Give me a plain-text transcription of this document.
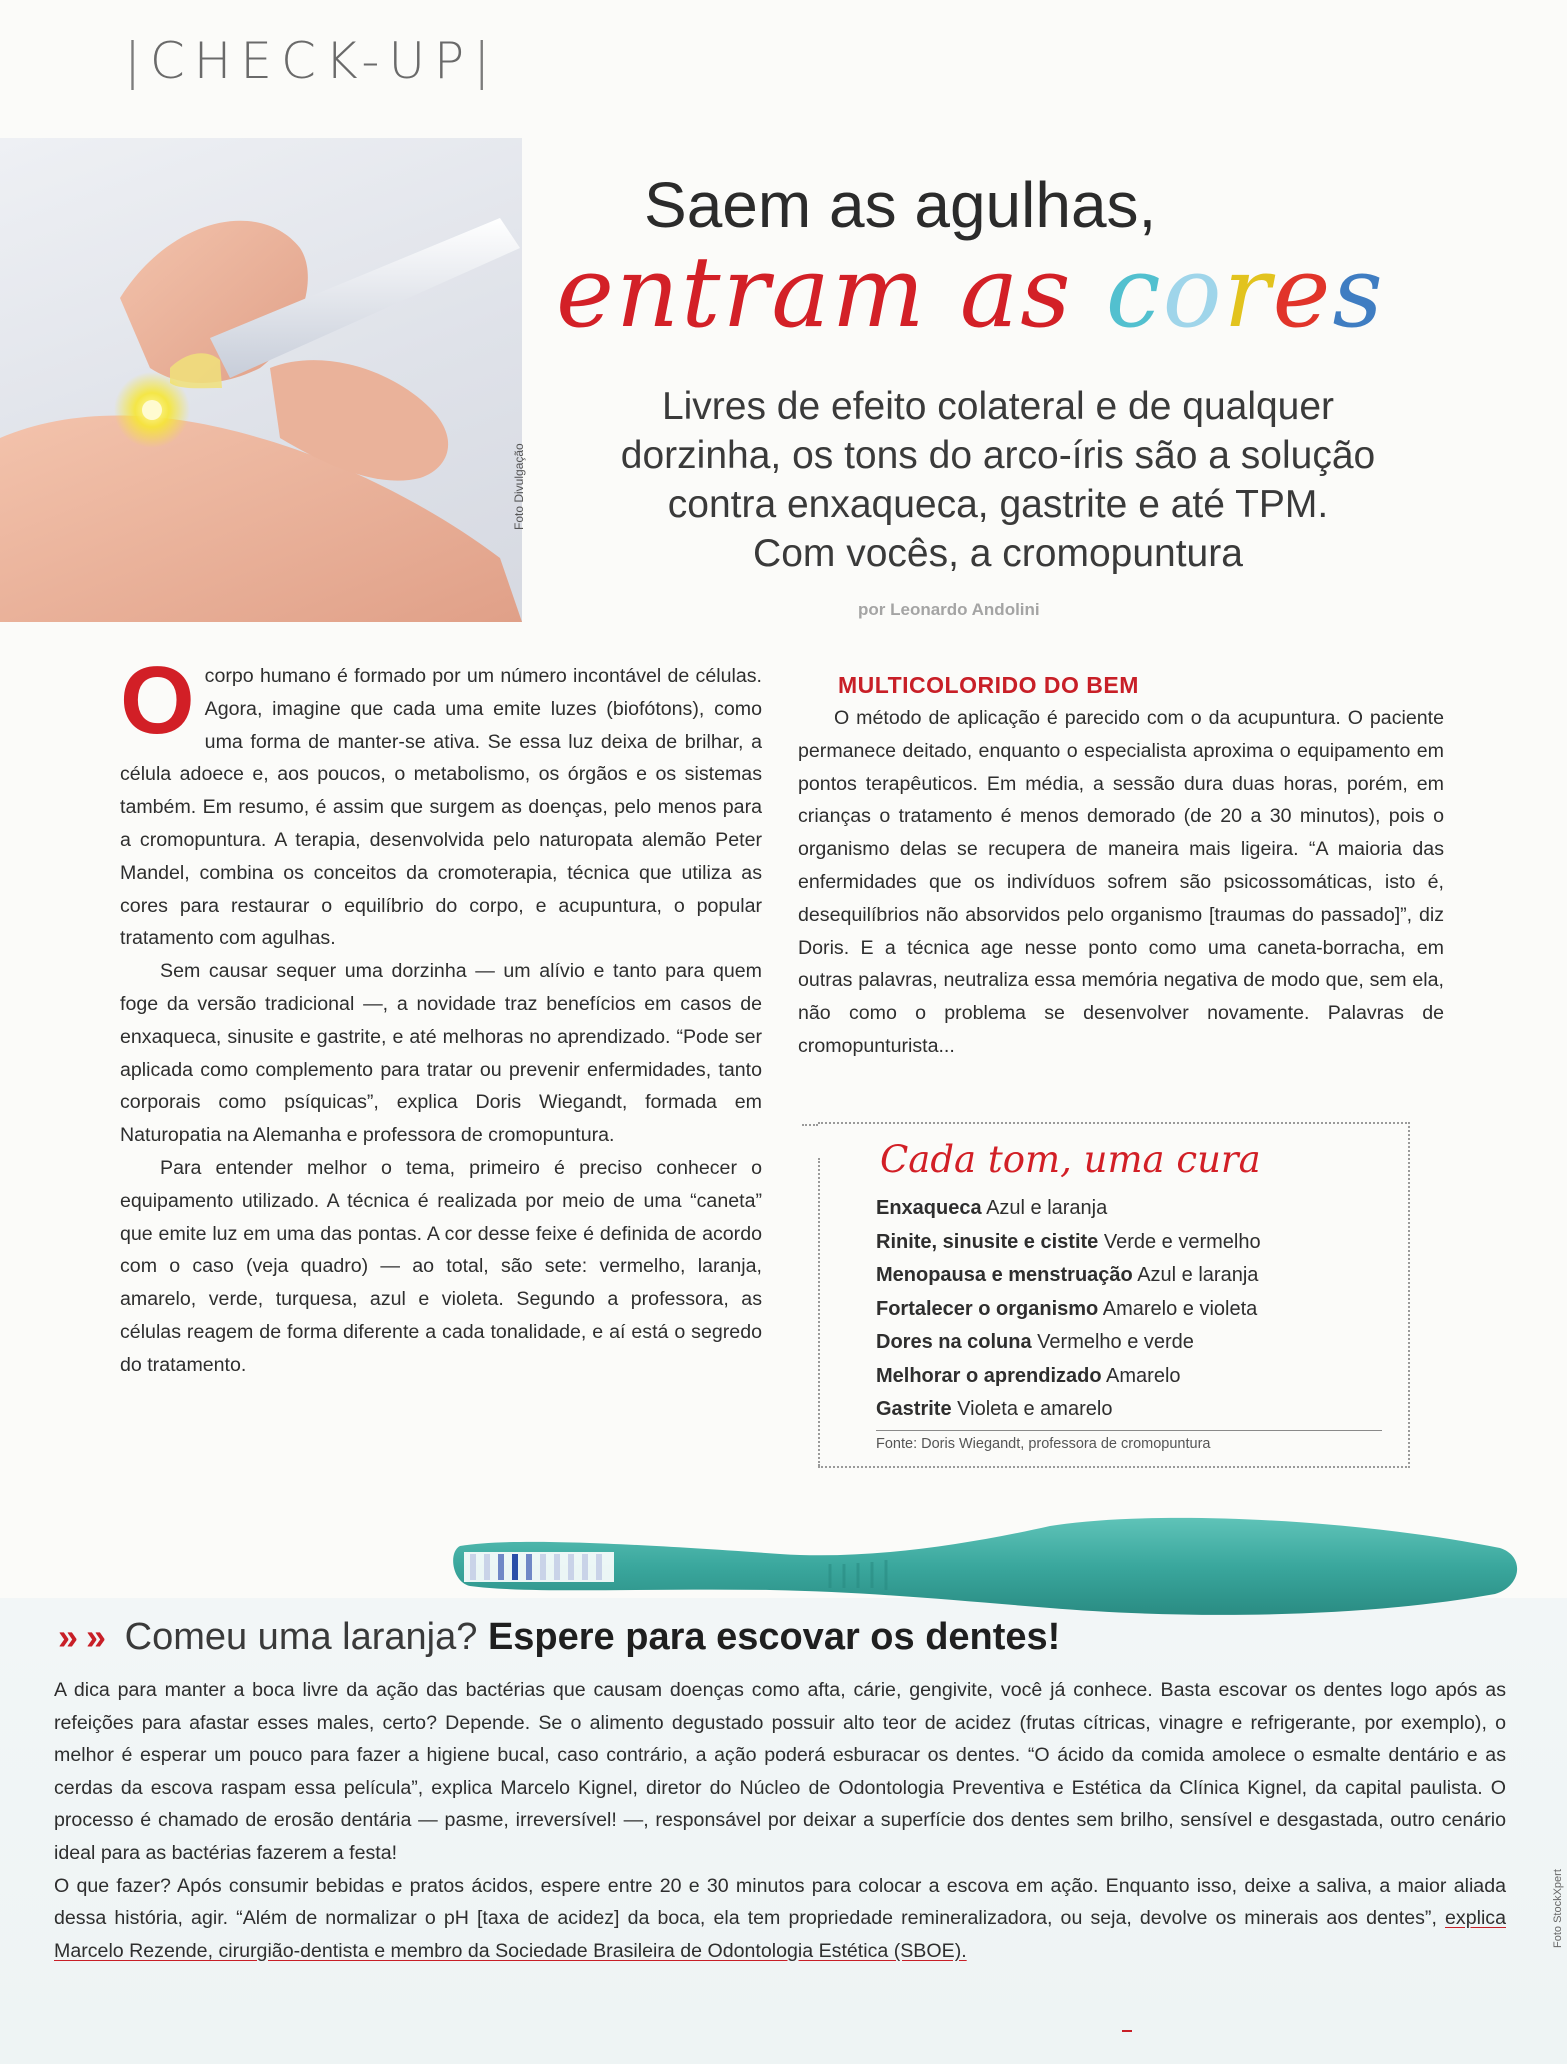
|CHECK-UP|
Foto Divulgação
Saem as agulhas,
entram as cores
Livres de efeito colateral e de qualquer
dorzinha, os tons do arco-íris são a solução
contra enxaqueca, gastrite e até TPM.
Com vocês, a cromopuntura
por Leonardo Andolini

Ocorpo humano é formado por um número incontável de células. Agora, imagine que cada uma emite luzes (biofótons), como uma forma de manter-se ativa. Se essa luz deixa de brilhar, a célula adoece e, aos poucos, o metabolismo, os órgãos e os sistemas também. Em resumo, é assim que surgem as doenças, pelo menos para a cromopuntura. A terapia, desenvolvida pelo naturopata alemão Peter Mandel, combina os conceitos da cromoterapia, técnica que utiliza as cores para restaurar o equilíbrio do corpo, e acupuntura, o popular tratamento com agulhas.

Sem causar sequer uma dorzinha — um alívio e tanto para quem foge da versão tradicional —, a novidade traz benefícios em casos de enxaqueca, sinusite e gastrite, e até melhoras no aprendizado. “Pode ser aplicada como complemento para tratar ou prevenir enfermidades, tanto corporais como psíquicas”, explica Doris Wiegandt, formada em Naturopatia na Alemanha e professora de cromopuntura.

Para entender melhor o tema, primeiro é preciso conhecer o equipamento utilizado. A técnica é realizada por meio de uma “caneta” que emite luz em uma das pontas. A cor desse feixe é definida de acordo com o caso (veja quadro) — ao total, são sete: vermelho, laranja, amarelo, verde, turquesa, azul e violeta. Segundo a professora, as células reagem de forma diferente a cada tonalidade, e aí está o segredo do tratamento.

MULTICOLORIDO DO BEM

O método de aplicação é parecido com o da acupuntura. O paciente permanece deitado, enquanto o especialista aproxima o equipamento em pontos terapêuticos. Em média, a sessão dura duas horas, porém, em crianças o tratamento é menos demorado (de 20 a 30 minutos), pois o organismo delas se recupera de maneira mais ligeira. “A maioria das enfermidades que os indivíduos sofrem são psicossomáticas, isto é, desequilíbrios não absorvidos pelo organismo [traumas do passado]”, diz Doris. E a técnica age nesse ponto como uma caneta-borracha, em outras palavras, neutraliza essa memória negativa de modo que, sem ela, não como o problema se desenvolver novamente. Palavras de cromopunturista...

Cada tom, uma cura
Enxaqueca Azul e laranja
Rinite, sinusite e cistite Verde e vermelho
Menopausa e menstruação Azul e laranja
Fortalecer o organismo Amarelo e violeta
Dores na coluna Vermelho e verde
Melhorar o aprendizado Amarelo
Gastrite Violeta e amarelo
Fonte: Doris Wiegandt, professora de cromopuntura
» » Comeu uma laranja? Espere para escovar os dentes!

A dica para manter a boca livre da ação das bactérias que causam doenças como afta, cárie, gengivite, você já conhece. Basta escovar os dentes logo após as refeições para afastar esses males, certo? Depende. Se o alimento degustado possuir alto teor de acidez (frutas cítricas, vinagre e refrigerante, por exemplo), o melhor é esperar um pouco para fazer a higiene bucal, caso contrário, a ação poderá esburacar os dentes. “O ácido da comida amolece o esmalte dentário e as cerdas da escova raspam essa película”, explica Marcelo Kignel, diretor do Núcleo de Odontologia Preventiva e Estética da Clínica Kignel, da capital paulista. O processo é chamado de erosão dentária — pasme, irreversível! —, responsável por deixar a superfície dos dentes sem brilho, sensível e desgastada, outro cenário ideal para as bactérias fazerem a festa!

O que fazer? Após consumir bebidas e pratos ácidos, espere entre 20 e 30 minutos para colocar a escova em ação. Enquanto isso, deixe a saliva, a maior aliada dessa história, agir. “Além de normalizar o pH [taxa de acidez] da boca, ela tem propriedade remineralizadora, ou seja, devolve os minerais aos dentes”, explica Marcelo Rezende, cirurgião-dentista e membro da Sociedade Brasileira de Odontologia Estética (SBOE).

Foto StockXpert
